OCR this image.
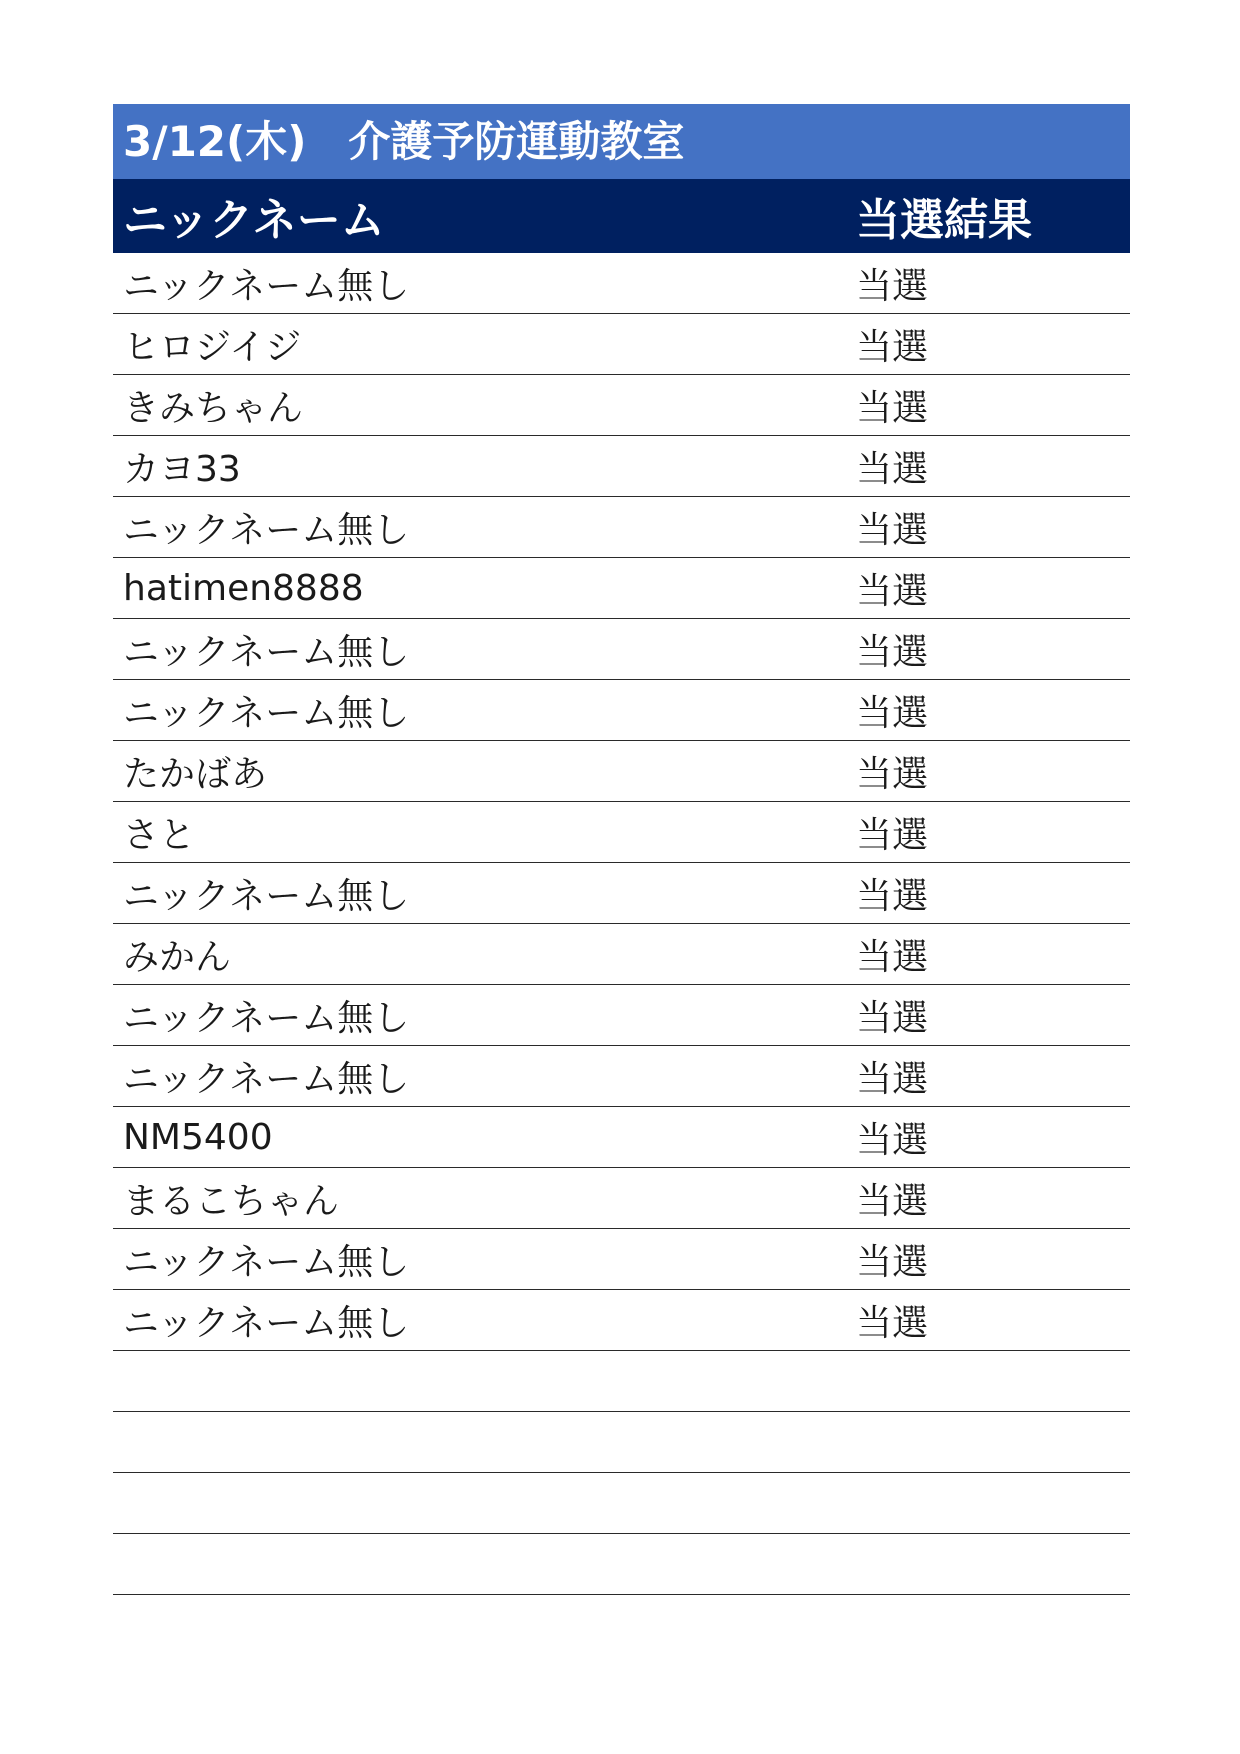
3/12(木)　介護予防運動教室
ニックネーム	当選結果
ニックネーム無し	当選
ヒロジイジ	当選
きみちゃん	当選
カヨ33	当選
ニックネーム無し	当選
hatimen8888	当選
ニックネーム無し	当選
ニックネーム無し	当選
たかばあ	当選
さと	当選
ニックネーム無し	当選
みかん	当選
ニックネーム無し	当選
ニックネーム無し	当選
NM5400	当選
まるこちゃん	当選
ニックネーム無し	当選
ニックネーム無し	当選
